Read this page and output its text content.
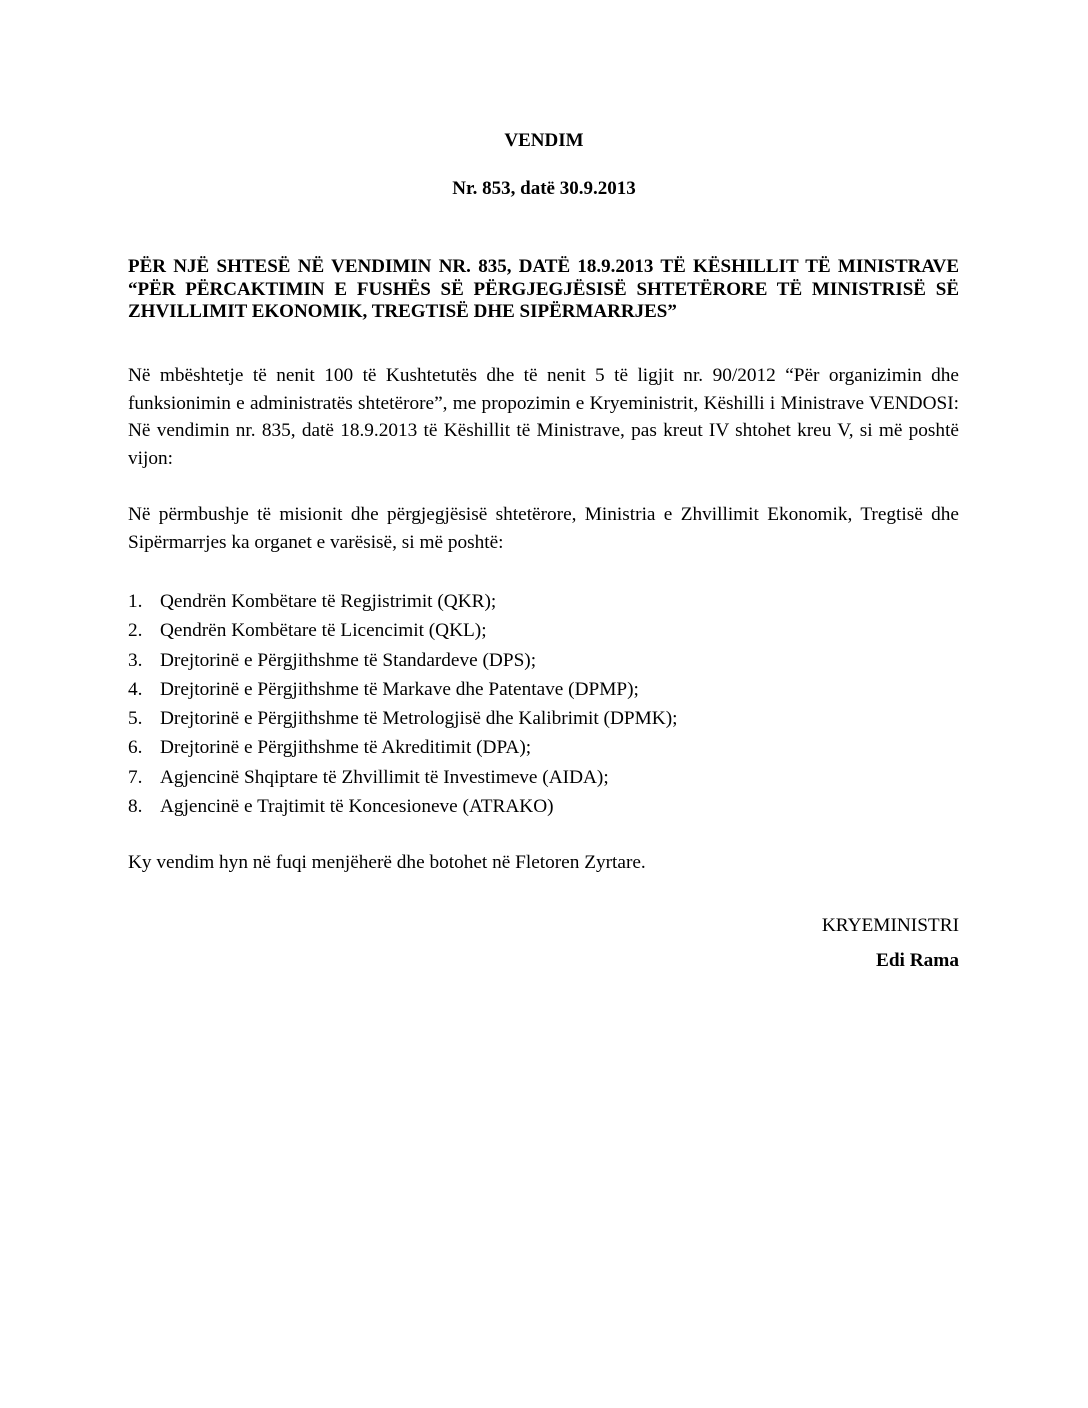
VENDIM
Nr. 853, datë 30.9.2013

PËR NJË SHTESË NË VENDIMIN NR. 835, DATË 18.9.2013 TË KËSHILLIT TË MINISTRAVE “PËR PËRCAKTIMIN E FUSHËS SË PËRGJEGJËSISË SHTETËRORE TË MINISTRISË SË ZHVILLIMIT EKONOMIK, TREGTISË DHE SIPËRMARRJES”

Në mbështetje të nenit 100 të Kushtetutës dhe të nenit 5 të ligjit nr. 90/2012 “Për organizimin dhe funksionimin e administratës shtetërore”, me propozimin e Kryeministrit, Këshilli i Ministrave VENDOSI: Në vendimin nr. 835, datë 18.9.2013 të Këshillit të Ministrave, pas kreut IV shtohet kreu V, si më poshtë vijon:

Në përmbushje të misionit dhe përgjegjësisë shtetërore, Ministria e Zhvillimit Ekonomik, Tregtisë dhe Sipërmarrjes ka organet e varësisë, si më poshtë:

1. Qendrën Kombëtare të Regjistrimit (QKR);
2. Qendrën Kombëtare të Licencimit (QKL);
3. Drejtorinë e Përgjithshme të Standardeve (DPS);
4. Drejtorinë e Përgjithshme të Markave dhe Patentave (DPMP);
5. Drejtorinë e Përgjithshme të Metrologjisë dhe Kalibrimit (DPMK);
6. Drejtorinë e Përgjithshme të Akreditimit (DPA);
7. Agjencinë Shqiptare të Zhvillimit të Investimeve (AIDA);
8. Agjencinë e Trajtimit të Koncesioneve (ATRAKO)

Ky vendim hyn në fuqi menjëherë dhe botohet në Fletoren Zyrtare.

KRYEMINISTRI

Edi Rama
